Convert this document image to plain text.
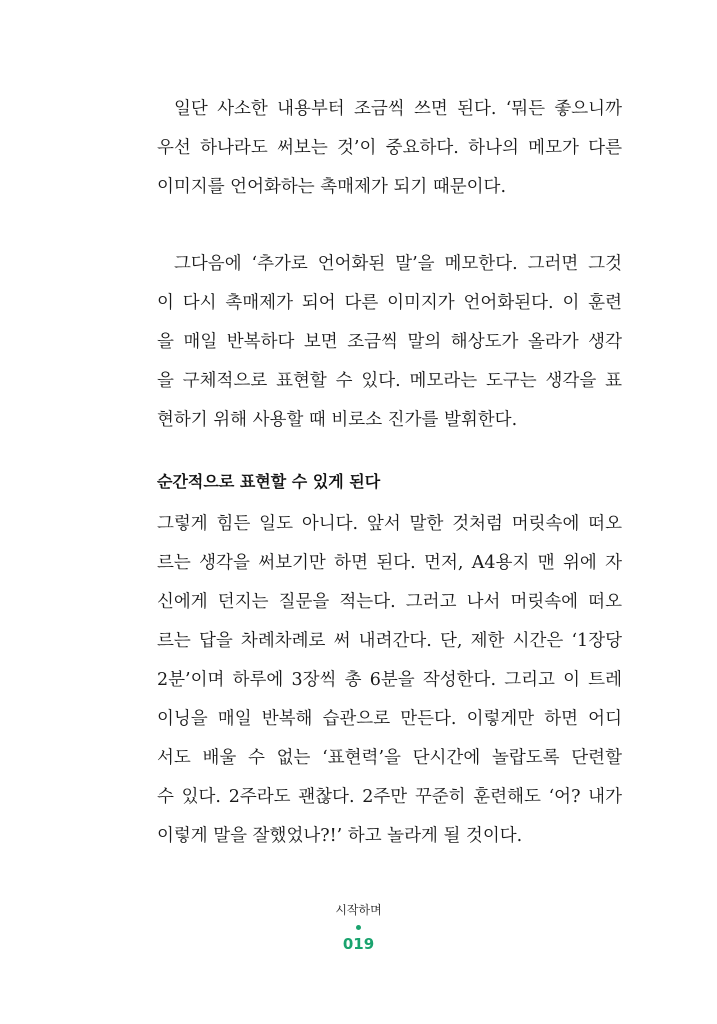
일단 사소한 내용부터 조금씩 쓰면 된다. ‘뭐든 좋으니까
우선 하나라도 써보는 것’이 중요하다. 하나의 메모가 다른
이미지를 언어화하는 촉매제가 되기 때문이다.
그다음에 ‘추가로 언어화된 말’을 메모한다. 그러면 그것
이 다시 촉매제가 되어 다른 이미지가 언어화된다. 이 훈련
을 매일 반복하다 보면 조금씩 말의 해상도가 올라가 생각
을 구체적으로 표현할 수 있다. 메모라는 도구는 생각을 표
현하기 위해 사용할 때 비로소 진가를 발휘한다.
순간적으로 표현할 수 있게 된다
그렇게 힘든 일도 아니다. 앞서 말한 것처럼 머릿속에 떠오
르는 생각을 써보기만 하면 된다. 먼저, A4용지 맨 위에 자
신에게 던지는 질문을 적는다. 그러고 나서 머릿속에 떠오
르는 답을 차례차례로 써 내려간다. 단, 제한 시간은 ‘1장당
2분’이며 하루에 3장씩 총 6분을 작성한다. 그리고 이 트레
이닝을 매일 반복해 습관으로 만든다. 이렇게만 하면 어디
서도 배울 수 없는 ‘표현력’을 단시간에 놀랍도록 단련할
수 있다. 2주라도 괜찮다. 2주만 꾸준히 훈련해도 ‘어? 내가
이렇게 말을 잘했었나?!’ 하고 놀라게 될 것이다.
시작하며
019
